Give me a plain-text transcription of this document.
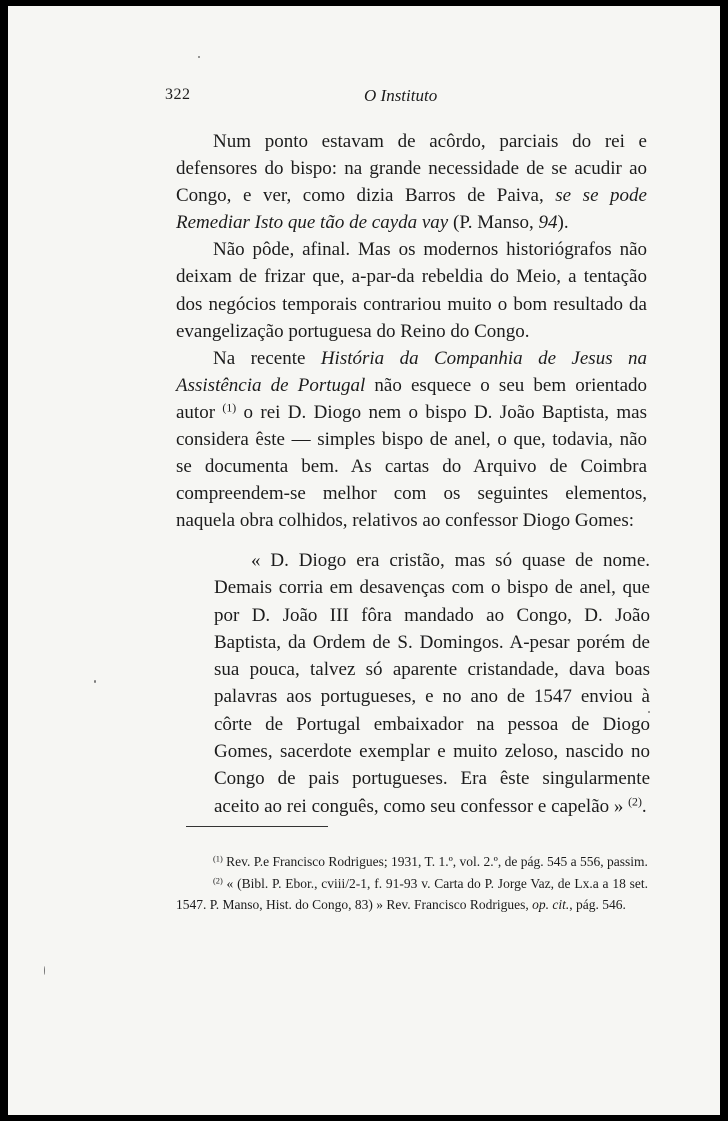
322	O Instituto

Num ponto estavam de acôrdo, parciais do rei e defensores do bispo: na grande necessidade de se acudir ao Congo, e ver, como dizia Barros de Paiva, se se pode Remediar Isto que tão de cayda vay (P. Manso, 94).

Não pôde, afinal. Mas os modernos historiógrafos não deixam de frizar que, a-par-da rebeldia do Meio, a tentação dos negócios temporais contrariou muito o bom resultado da evangelização portuguesa do Reino do Congo.

Na recente História da Companhia de Jesus na Assistência de Portugal não esquece o seu bem orientado autor $^{(1)}$ o rei D. Diogo nem o bispo D. João Baptista, mas considera êste — simples bispo de anel, o que, todavia, não se documenta bem. As cartas do Arquivo de Coimbra compreendem-se melhor com os seguintes elementos, naquela obra colhidos, relativos ao confessor Diogo Gomes:

« D. Diogo era cristão, mas só quase de nome. Demais corria em desavenças com o bispo de anel, que por D. João III fôra mandado ao Congo, D. João Baptista, da Ordem de S. Domingos. A-pesar porém de sua pouca, talvez só aparente cristandade, dava boas palavras aos portugueses, e no ano de 1547 enviou à côrte de Portugal embaixador na pessoa de Diogo Gomes, sacerdote exemplar e muito zeloso, nascido no Congo de pais portugueses. Era êste singularmente aceito ao rei conguês, como seu confessor e capelão » $^{(2)}$.

$^{(1)}$ Rev. P.e Francisco Rodrigues; 1931, T. 1.º, vol. 2.º, de pág. 545 a 556, passim.

$^{(2)}$ « (Bibl. P. Ebor., cviii/2-1, f. 91-93 v. Carta do P. Jorge Vaz, de Lx.a a 18 set. 1547. P. Manso, Hist. do Congo, 83) » Rev. Francisco Rodrigues, op. cit., pág. 546.
